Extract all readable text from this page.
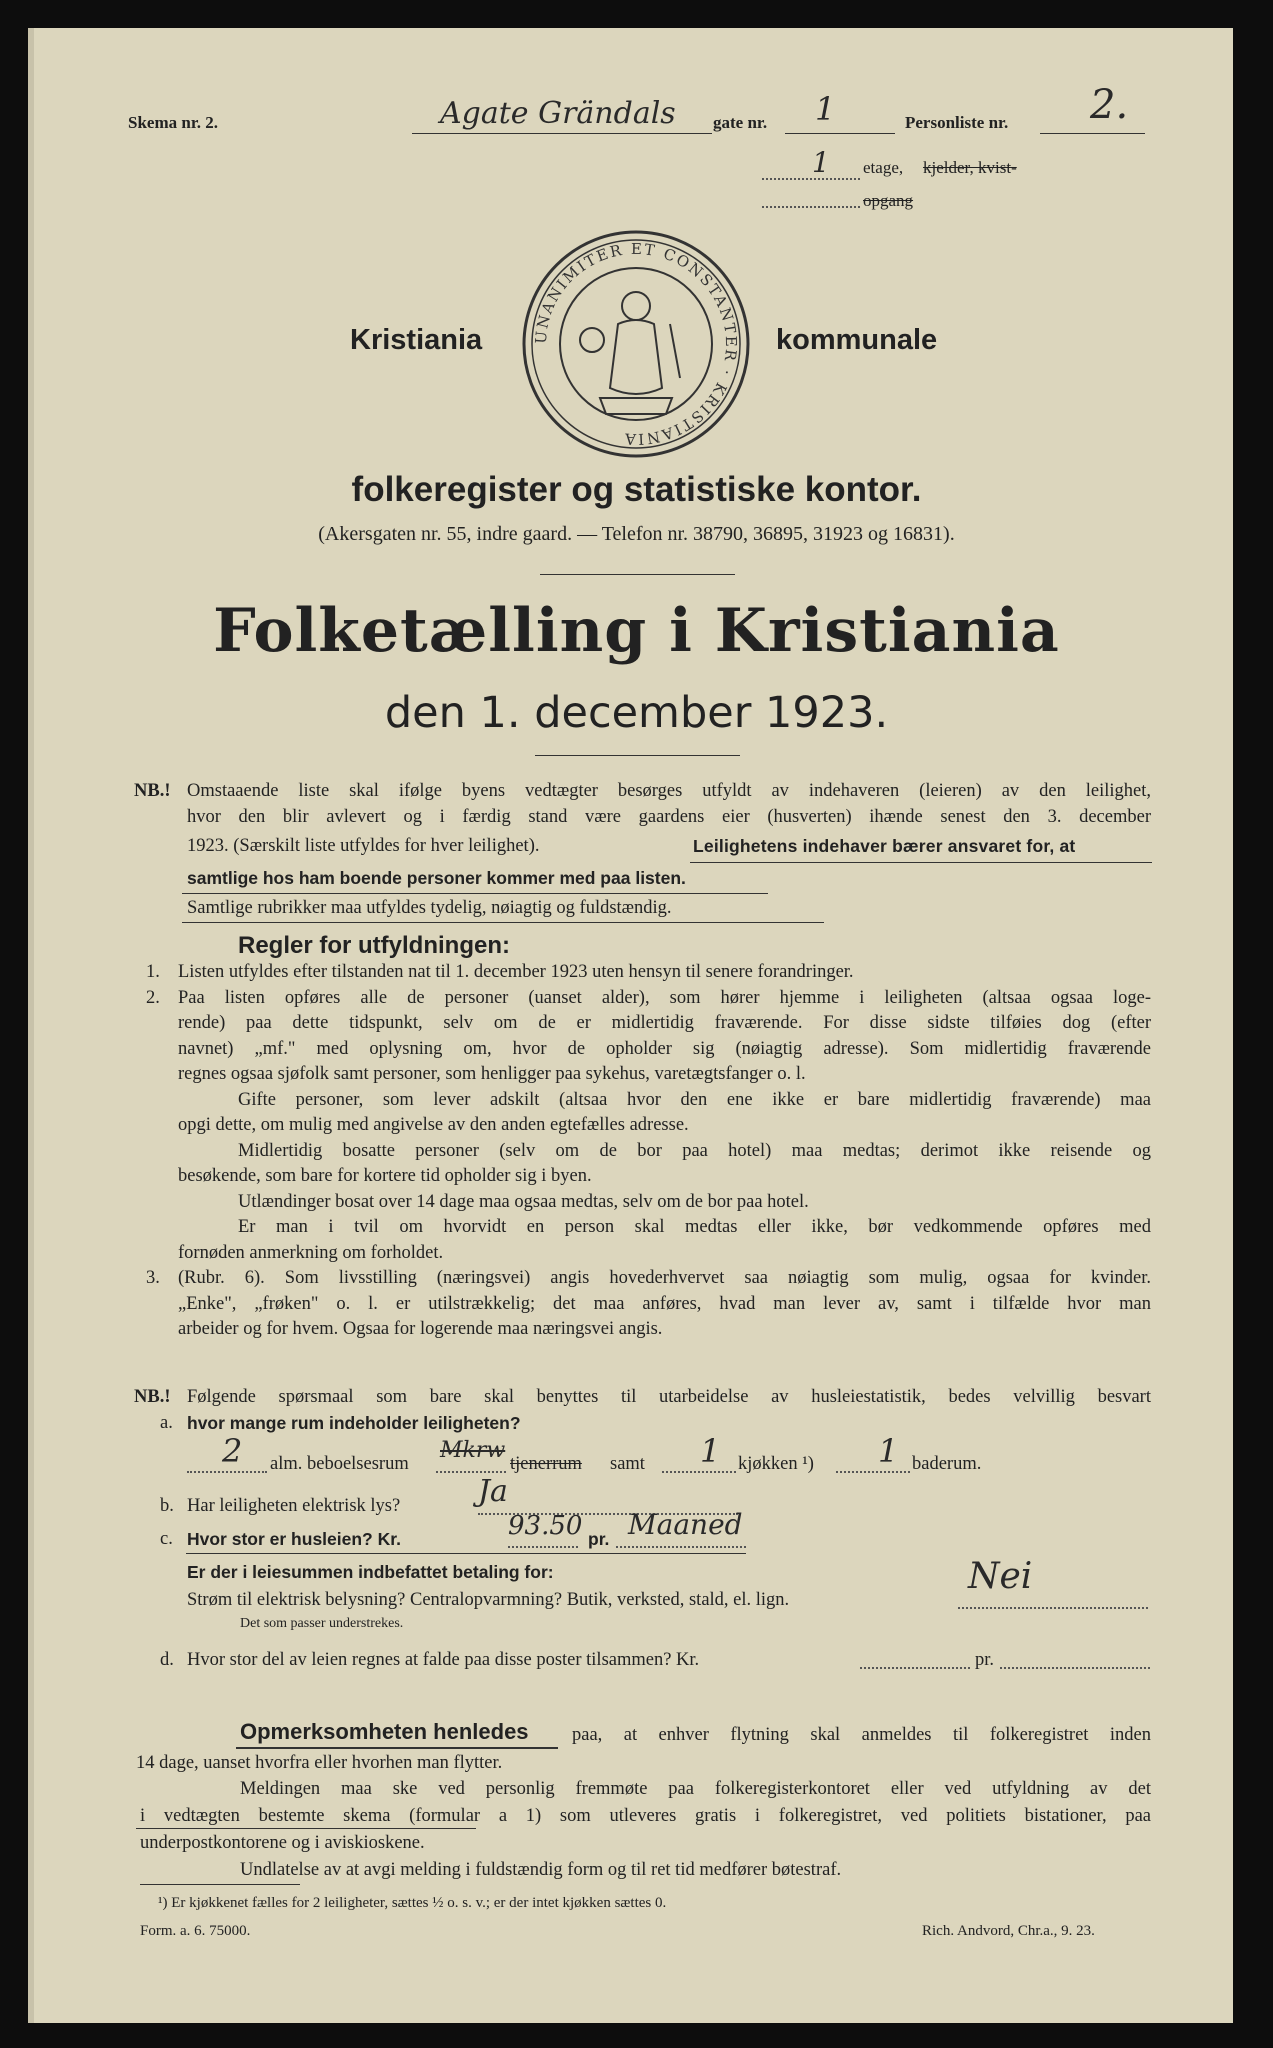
Skema nr. 2.	Agate Grändals gate nr. 1	Personliste nr. 2.
1 etage, kjelder, kvist-
opgang
Kristiania	kommunale
UNANIMITER ET CONSTANTER · KRISTIANIA
folkeregister og statistiske kontor.
(Akersgaten nr. 55, indre gaard. — Telefon nr. 38790, 36895, 31923 og 16831).
Folketælling i Kristiania
den 1. december 1923.
NB.! Omstaaende liste skal ifølge byens vedtægter besørges utfyldt av indehaveren (leieren) av den leilighet,
hvor den blir avlevert og i færdig stand være gaardens eier (husverten) ihænde senest den 3. december
1923. (Særskilt liste utfyldes for hver leilighet).	Leilighetens indehaver bærer ansvaret for, at
samtlige hos ham boende personer kommer med paa listen.
Samtlige rubrikker maa utfyldes tydelig, nøiagtig og fuldstændig.
Regler for utfyldningen:
1. Listen utfyldes efter tilstanden nat til 1. december 1923 uten hensyn til senere forandringer.
2. Paa listen opføres alle de personer (uanset alder), som hører hjemme i leiligheten (altsaa ogsaa loge-
rende) paa dette tidspunkt, selv om de er midlertidig fraværende. For disse sidste tilføies dog (efter
navnet) „mf." med oplysning om, hvor de opholder sig (nøiagtig adresse). Som midlertidig fraværende
regnes ogsaa sjøfolk samt personer, som henligger paa sykehus, varetægtsfanger o. l.
Gifte personer, som lever adskilt (altsaa hvor den ene ikke er bare midlertidig fraværende) maa
opgi dette, om mulig med angivelse av den anden egtefælles adresse.
Midlertidig bosatte personer (selv om de bor paa hotel) maa medtas; derimot ikke reisende og
besøkende, som bare for kortere tid opholder sig i byen.
Utlændinger bosat over 14 dage maa ogsaa medtas, selv om de bor paa hotel.
Er man i tvil om hvorvidt en person skal medtas eller ikke, bør vedkommende opføres med
fornøden anmerkning om forholdet.
3. (Rubr. 6). Som livsstilling (næringsvei) angis hovederhvervet saa nøiagtig som mulig, ogsaa for kvinder.
„Enke", „frøken" o. l. er utilstrækkelig; det maa anføres, hvad man lever av, samt i tilfælde hvor man
arbeider og for hvem. Ogsaa for logerende maa næringsvei angis.
NB.! Følgende spørsmaal som bare skal benyttes til utarbeidelse av husleiestatistik, bedes velvillig besvart
a. hvor mange rum indeholder leiligheten?
2 alm. beboelsesrum
Mkrw
tjenerrum samt 1 kjøkken ¹) 1 baderum.
b. Har leiligheten elektrisk lys?	Ja
c. Hvor stor er husleien? Kr.	93.50 pr. Maaned
Er der i leiesummen indbefattet betaling for:
Strøm til elektrisk belysning? Centralopvarmning? Butik, verksted, stald, el. lign.
Nei
Det som passer understrekes.
d. Hvor stor del av leien regnes at falde paa disse poster tilsammen? Kr.	pr.
Opmerksomheten henledes paa, at enhver flytning skal anmeldes til folkeregistret inden
14 dage, uanset hvorfra eller hvorhen man flytter.
Meldingen maa ske ved personlig fremmøte paa folkeregisterkontoret eller ved utfyldning av det
i vedtægten bestemte skema (formular a 1) som utleveres gratis i folkeregistret, ved politiets bistationer, paa
underpostkontorene og i aviskioskene.
Undlatelse av at avgi melding i fuldstændig form og til ret tid medfører bøtestraf.
¹) Er kjøkkenet fælles for 2 leiligheter, sættes ½ o. s. v.; er der intet kjøkken sættes 0.
Form. a. 6. 75000.	Rich. Andvord, Chr.a., 9. 23.
